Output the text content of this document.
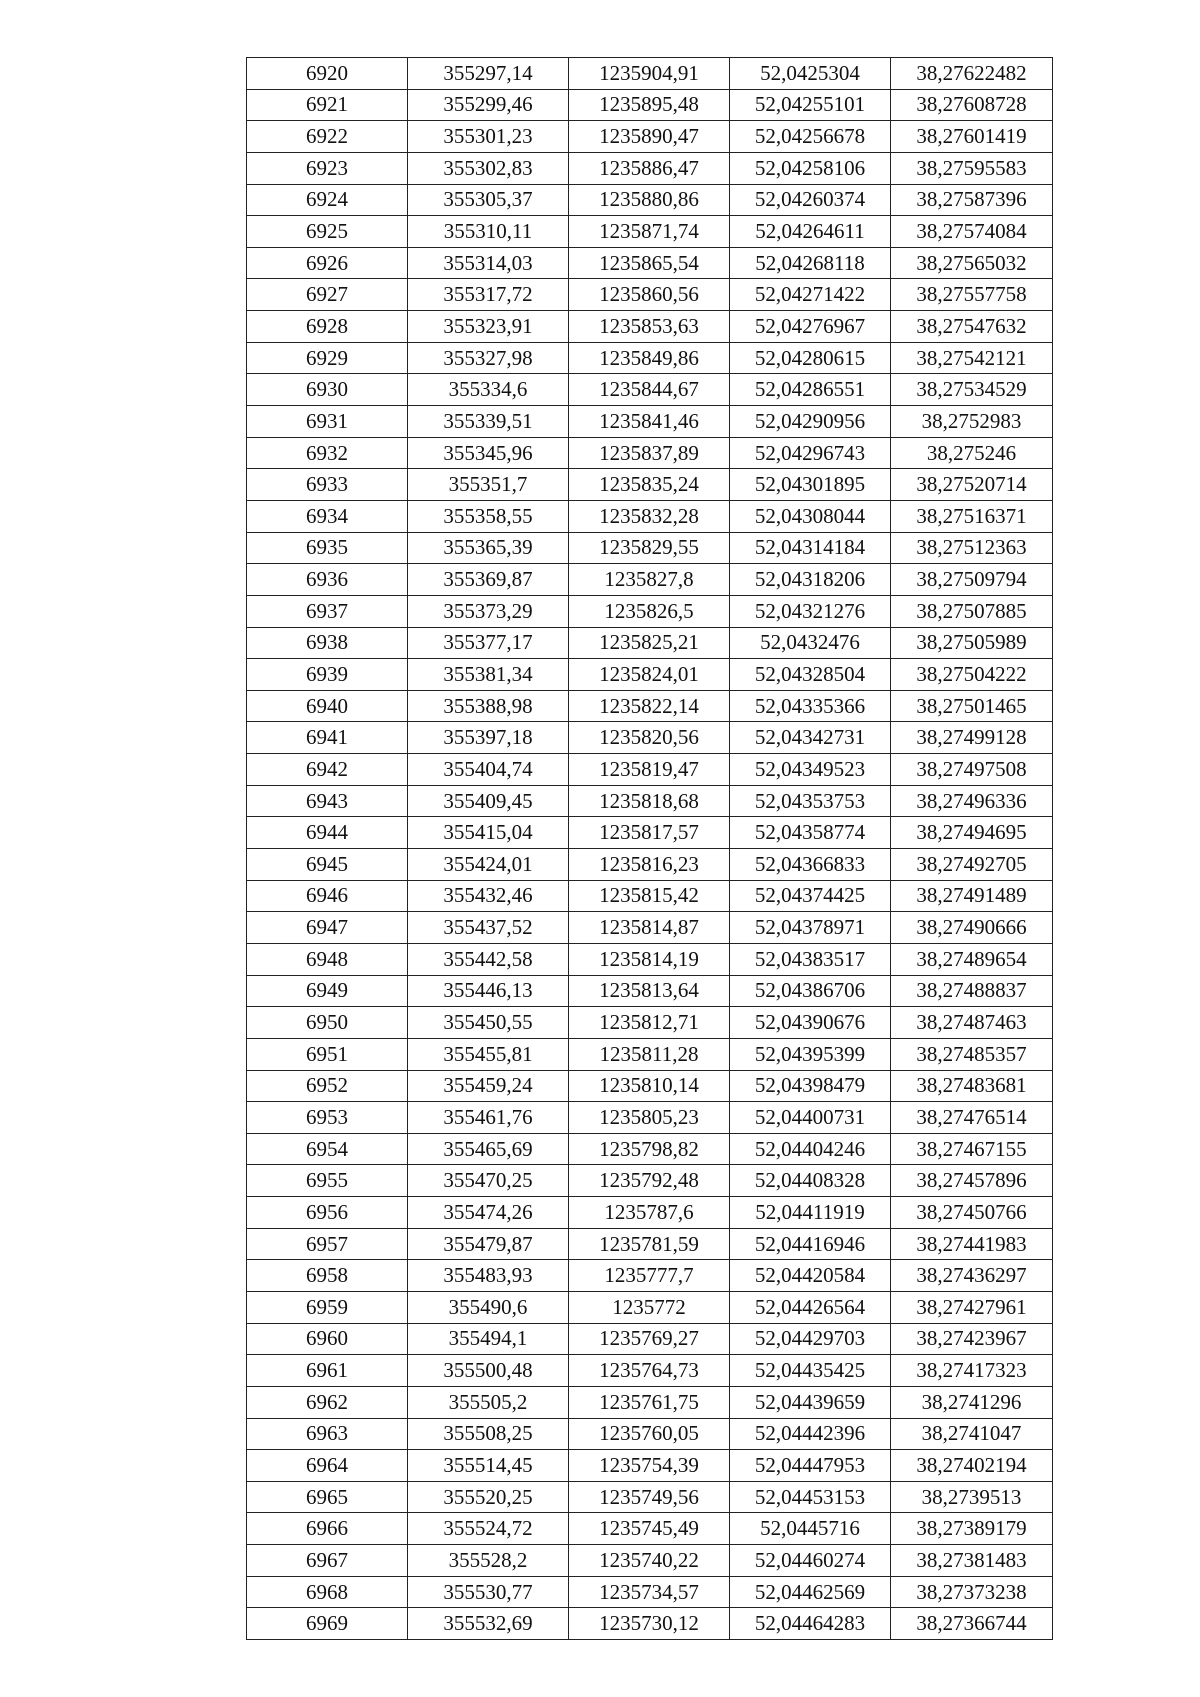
6920	355297,14	1235904,91	52,0425304	38,27622482
6921	355299,46	1235895,48	52,04255101	38,27608728
6922	355301,23	1235890,47	52,04256678	38,27601419
6923	355302,83	1235886,47	52,04258106	38,27595583
6924	355305,37	1235880,86	52,04260374	38,27587396
6925	355310,11	1235871,74	52,04264611	38,27574084
6926	355314,03	1235865,54	52,04268118	38,27565032
6927	355317,72	1235860,56	52,04271422	38,27557758
6928	355323,91	1235853,63	52,04276967	38,27547632
6929	355327,98	1235849,86	52,04280615	38,27542121
6930	355334,6	1235844,67	52,04286551	38,27534529
6931	355339,51	1235841,46	52,04290956	38,2752983
6932	355345,96	1235837,89	52,04296743	38,275246
6933	355351,7	1235835,24	52,04301895	38,27520714
6934	355358,55	1235832,28	52,04308044	38,27516371
6935	355365,39	1235829,55	52,04314184	38,27512363
6936	355369,87	1235827,8	52,04318206	38,27509794
6937	355373,29	1235826,5	52,04321276	38,27507885
6938	355377,17	1235825,21	52,0432476	38,27505989
6939	355381,34	1235824,01	52,04328504	38,27504222
6940	355388,98	1235822,14	52,04335366	38,27501465
6941	355397,18	1235820,56	52,04342731	38,27499128
6942	355404,74	1235819,47	52,04349523	38,27497508
6943	355409,45	1235818,68	52,04353753	38,27496336
6944	355415,04	1235817,57	52,04358774	38,27494695
6945	355424,01	1235816,23	52,04366833	38,27492705
6946	355432,46	1235815,42	52,04374425	38,27491489
6947	355437,52	1235814,87	52,04378971	38,27490666
6948	355442,58	1235814,19	52,04383517	38,27489654
6949	355446,13	1235813,64	52,04386706	38,27488837
6950	355450,55	1235812,71	52,04390676	38,27487463
6951	355455,81	1235811,28	52,04395399	38,27485357
6952	355459,24	1235810,14	52,04398479	38,27483681
6953	355461,76	1235805,23	52,04400731	38,27476514
6954	355465,69	1235798,82	52,04404246	38,27467155
6955	355470,25	1235792,48	52,04408328	38,27457896
6956	355474,26	1235787,6	52,04411919	38,27450766
6957	355479,87	1235781,59	52,04416946	38,27441983
6958	355483,93	1235777,7	52,04420584	38,27436297
6959	355490,6	1235772	52,04426564	38,27427961
6960	355494,1	1235769,27	52,04429703	38,27423967
6961	355500,48	1235764,73	52,04435425	38,27417323
6962	355505,2	1235761,75	52,04439659	38,2741296
6963	355508,25	1235760,05	52,04442396	38,2741047
6964	355514,45	1235754,39	52,04447953	38,27402194
6965	355520,25	1235749,56	52,04453153	38,2739513
6966	355524,72	1235745,49	52,0445716	38,27389179
6967	355528,2	1235740,22	52,04460274	38,27381483
6968	355530,77	1235734,57	52,04462569	38,27373238
6969	355532,69	1235730,12	52,04464283	38,27366744
